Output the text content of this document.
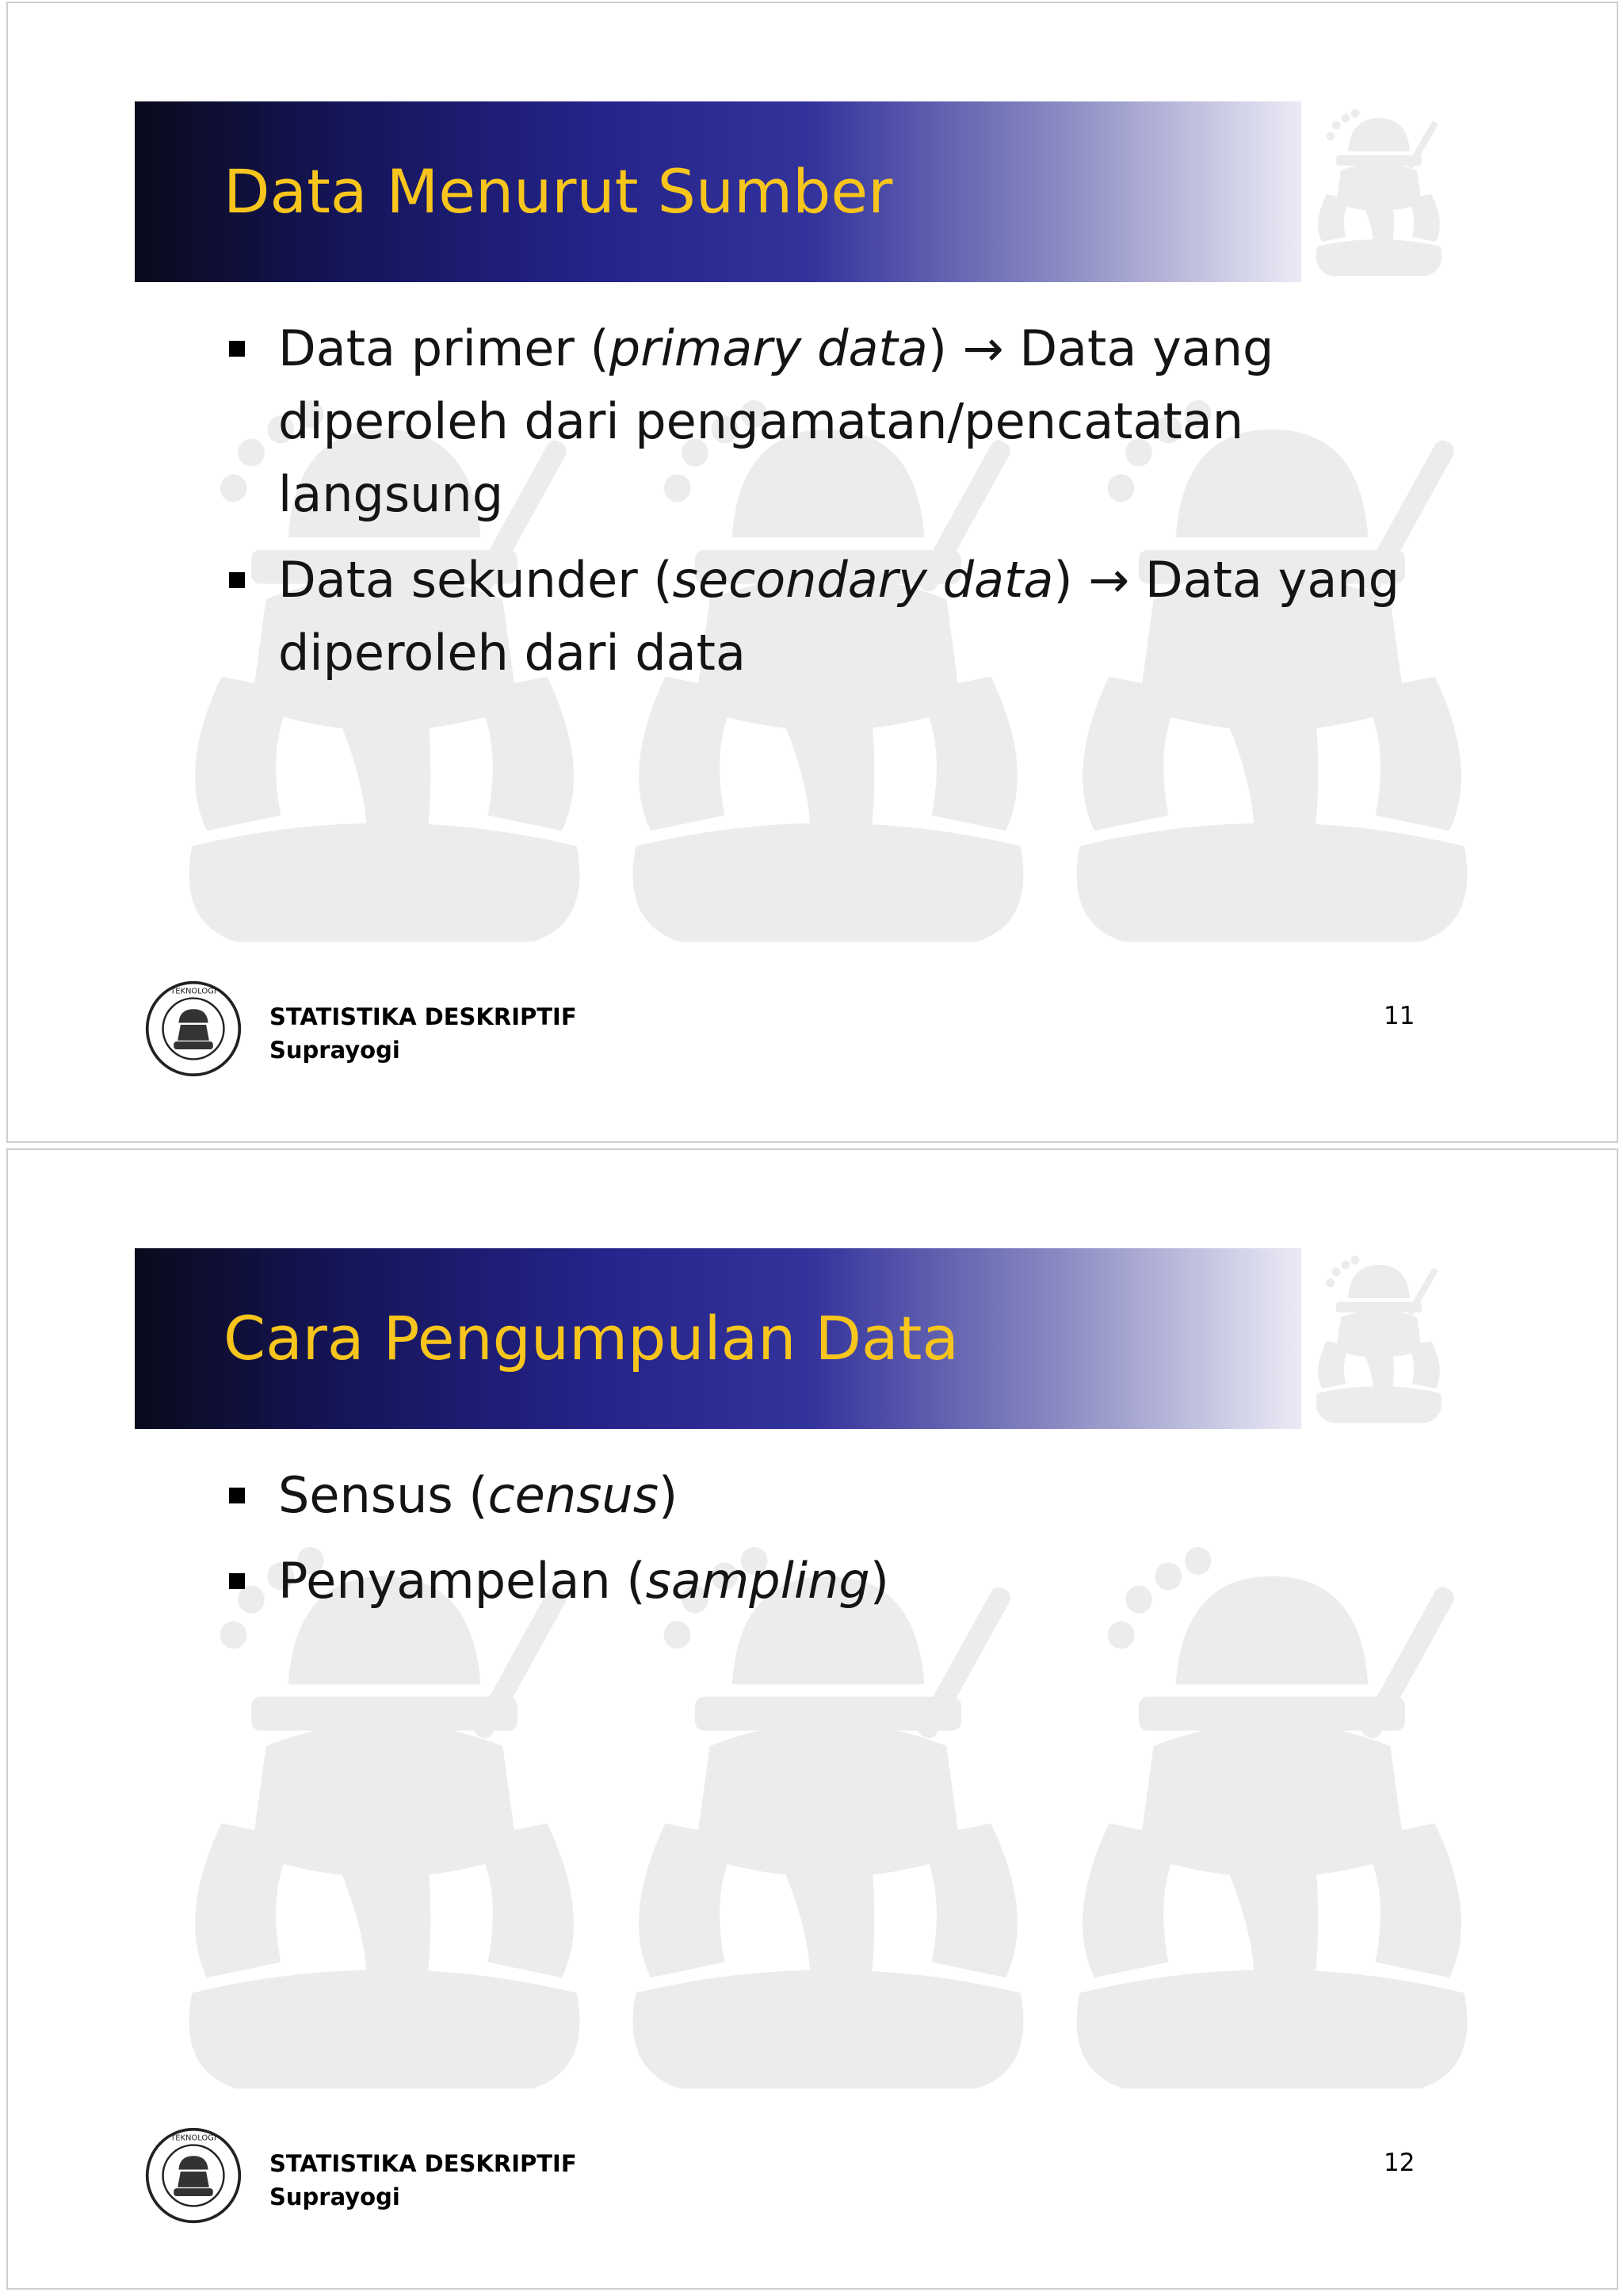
Data Menurut Sumber
Data primer (primary data) → Data yang diperoleh dari pengamatan/pencatatan langsung
Data sekunder (secondary data) → Data yang diperoleh dari data
STATISTIKA DESKRIPTIF
Suprayogi
11
Cara Pengumpulan Data
Sensus (census)
Penyampelan (sampling)
STATISTIKA DESKRIPTIF
Suprayogi
12
